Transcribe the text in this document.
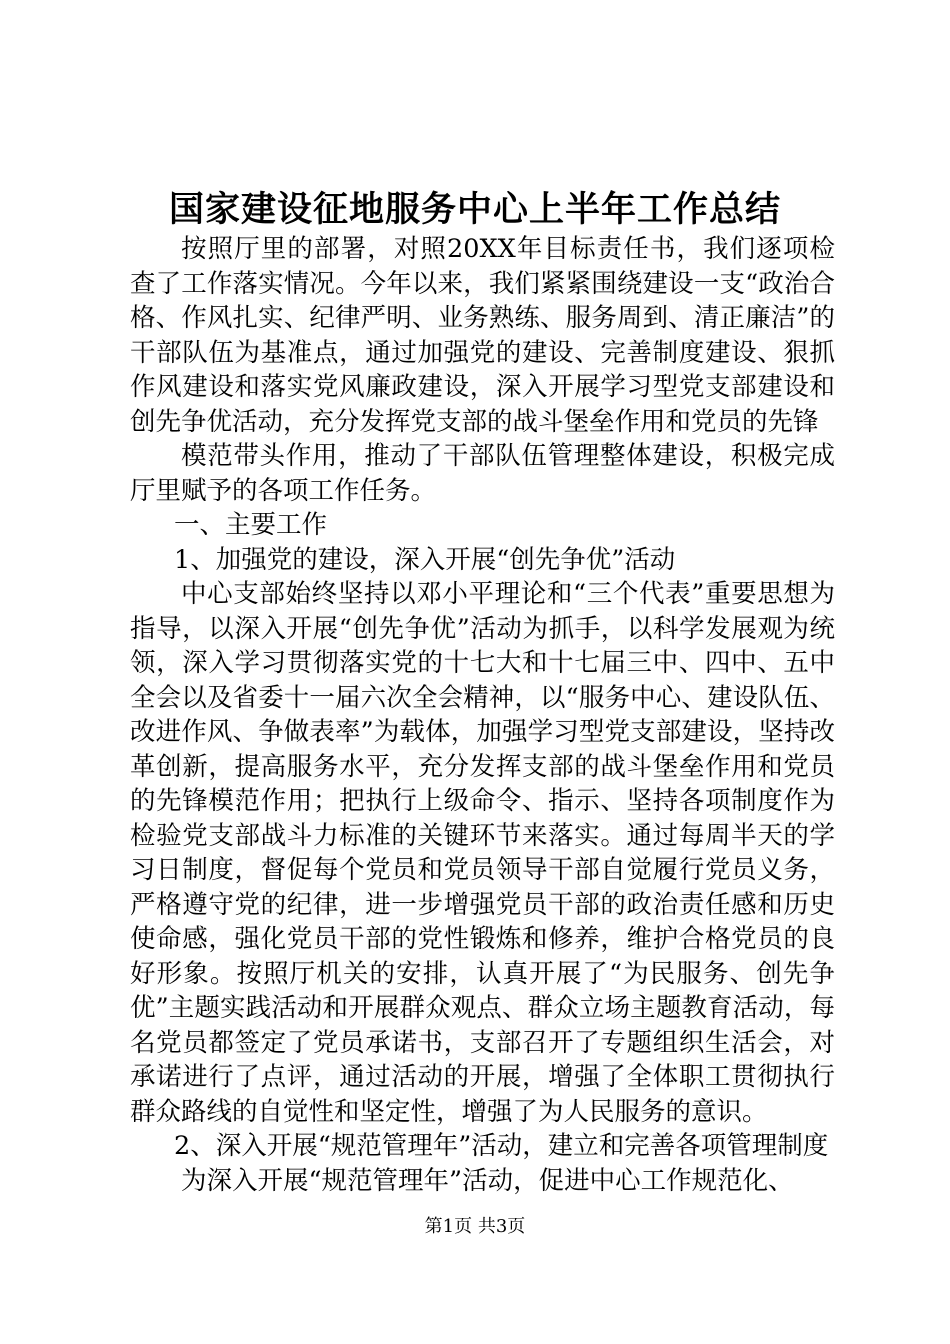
国家建设征地服务中心上半年工作总结

按照厅里的部署，对照20XX年目标责任书，我们逐项检查了工作落实情况。今年以来，我们紧紧围绕建设一支“政治合格、作风扎实、纪律严明、业务熟练、服务周到、清正廉洁”的干部队伍为基准点，通过加强党的建设、完善制度建设、狠抓作风建设和落实党风廉政建设，深入开展学习型党支部建设和创先争优活动，充分发挥党支部的战斗堡垒作用和党员的先锋

模范带头作用，推动了干部队伍管理整体建设，积极完成厅里赋予的各项工作任务。

一、主要工作

1、加强党的建设，深入开展“创先争优”活动

中心支部始终坚持以邓小平理论和“三个代表”重要思想为指导，以深入开展“创先争优”活动为抓手，以科学发展观为统领，深入学习贯彻落实党的十七大和十七届三中、四中、五中全会以及省委十一届六次全会精神，以“服务中心、建设队伍、改进作风、争做表率”为载体，加强学习型党支部建设，坚持改革创新，提高服务水平，充分发挥支部的战斗堡垒作用和党员的先锋模范作用；把执行上级命令、指示、坚持各项制度作为检验党支部战斗力标准的关键环节来落实。通过每周半天的学习日制度，督促每个党员和党员领导干部自觉履行党员义务，严格遵守党的纪律，进一步增强党员干部的政治责任感和历史使命感，强化党员干部的党性锻炼和修养，维护合格党员的良好形象。按照厅机关的安排，认真开展了“为民服务、创先争优”主题实践活动和开展群众观点、群众立场主题教育活动，每名党员都签定了党员承诺书，支部召开了专题组织生活会，对承诺进行了点评，通过活动的开展，增强了全体职工贯彻执行群众路线的自觉性和坚定性，增强了为人民服务的意识。

2、深入开展“规范管理年”活动，建立和完善各项管理制度

为深入开展“规范管理年”活动，促进中心工作规范化、

第1页 共3页
